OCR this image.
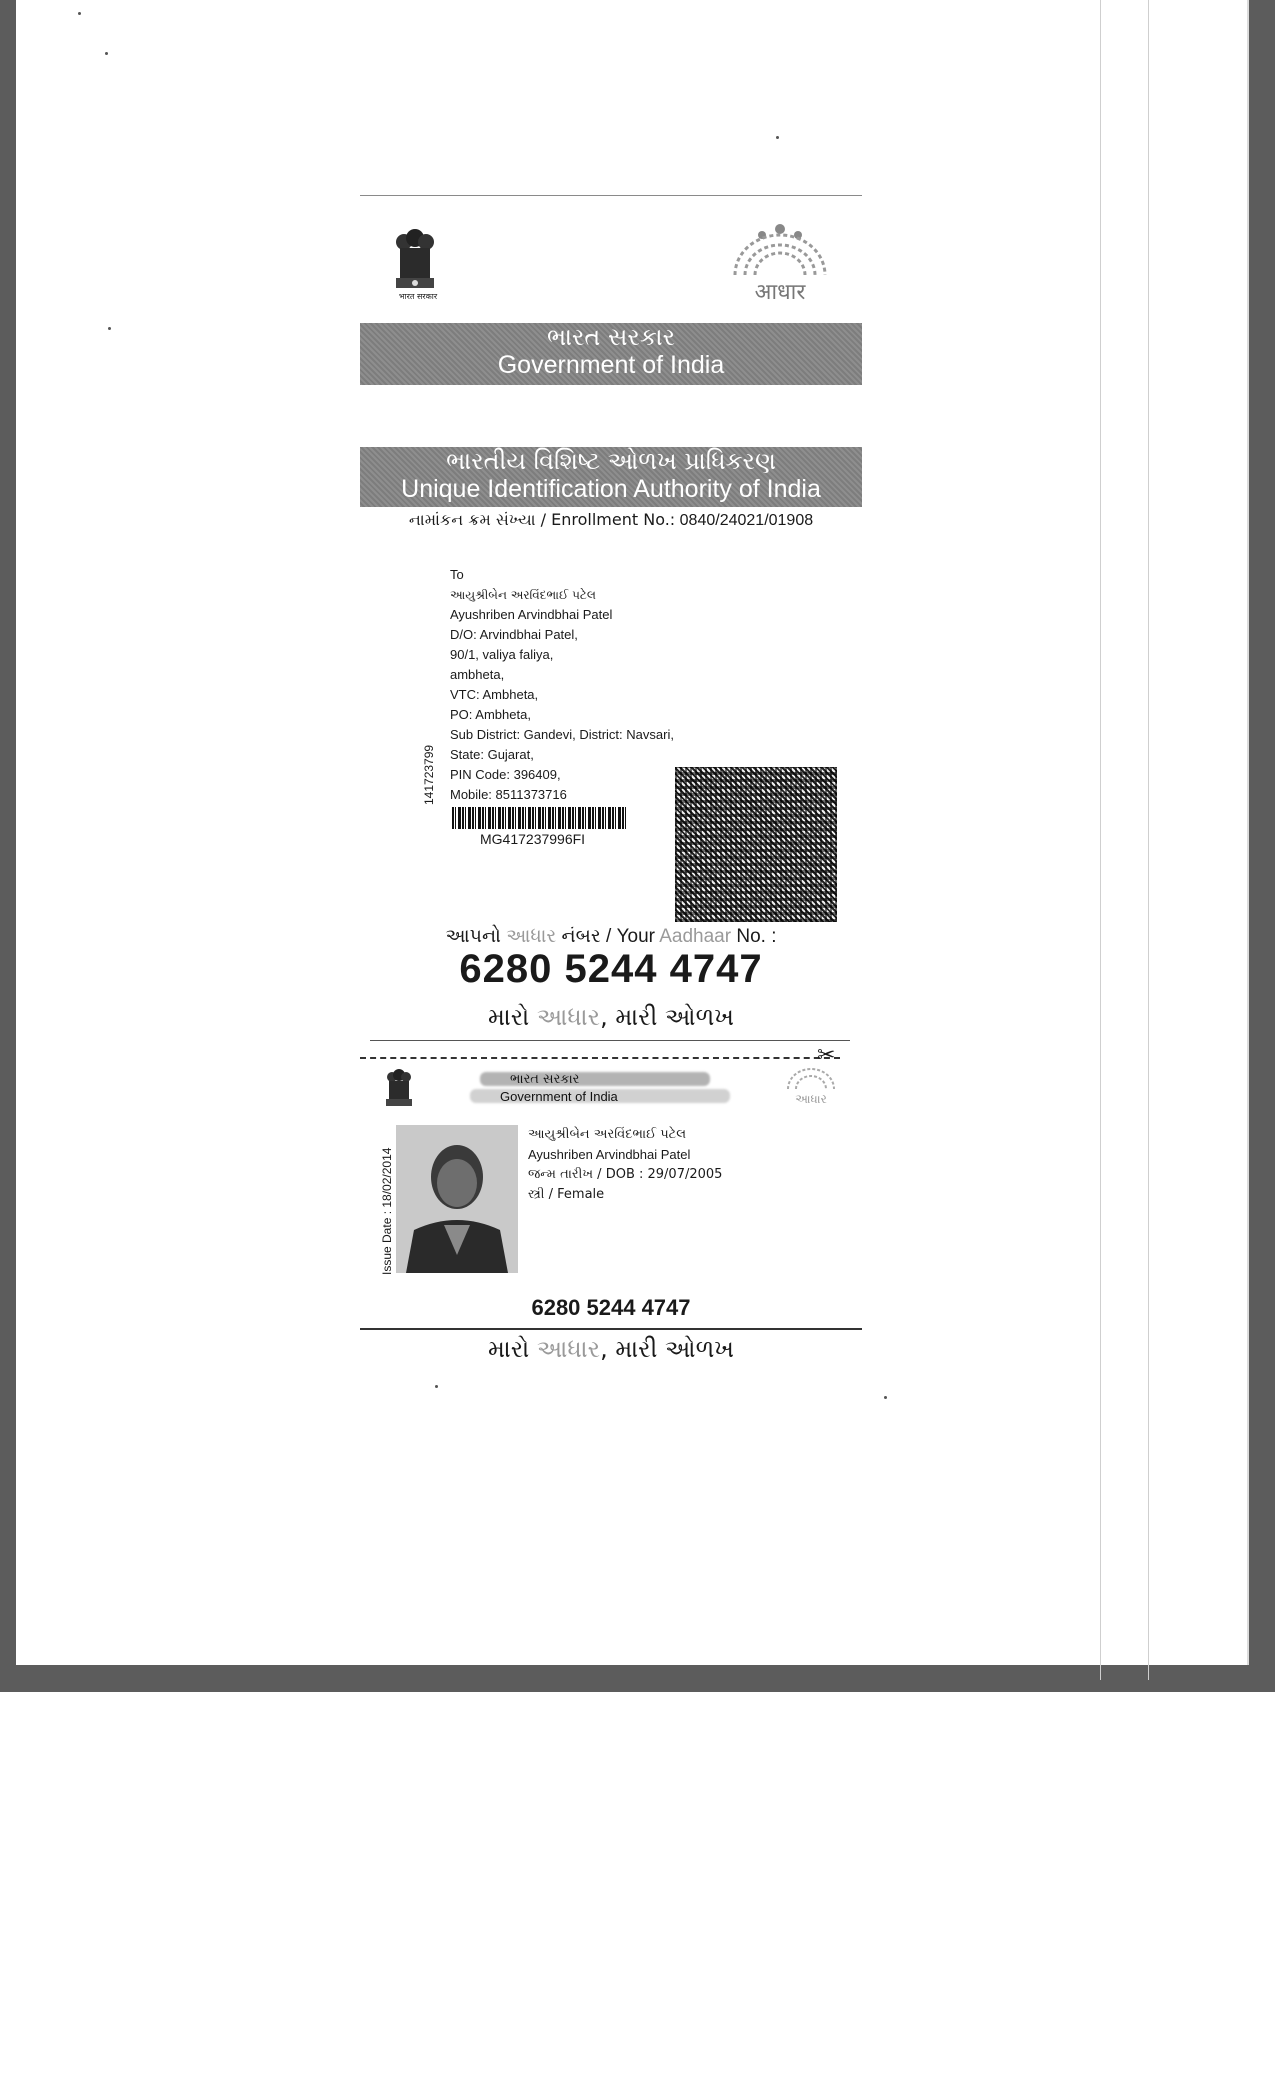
भारत सरकार	आधार
ભારત સરકાર
Government of India
ભારતીય વિશિષ્ટ ઓળખ પ્રાધિકરણ
Unique Identification Authority of India
નામાંકન ક્રમ સંખ્યા / Enrollment No.: 0840/24021/01908
To
આયુશ્રીબેન અરવિંદભાઈ પટેલ
Ayushriben Arvindbhai Patel
D/O: Arvindbhai Patel,
90/1, valiya faliya,
ambheta,
VTC: Ambheta,
PO: Ambheta,
Sub District: Gandevi, District: Navsari,
State: Gujarat,
PIN Code: 396409,
Mobile: 8511373716
141723799
MG417237996FI
આપનો આધાર નંબર / Your Aadhaar No. :
6280 5244 4747
મારો આધાર, મારી ઓળખ
✂
ભારત સરકાર
Government of India	આધાર
Issue Date : 18/02/2014
આયુશ્રીબેન અરવિંદભાઈ પટેલ
Ayushriben Arvindbhai Patel
જન્મ તારીખ / DOB : 29/07/2005
સ્ત્રી / Female
6280 5244 4747
મારો આધાર, મારી ઓળખ
